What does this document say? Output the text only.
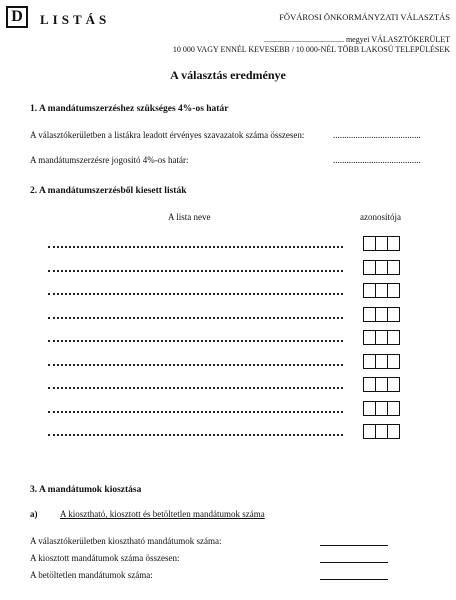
D LISTÁS	FŐVÁROSI ÖNKORMÁNYZATI VÁLASZTÁS
........................................ megyei VÁLASZTÓKERÜLET
10 000 VAGY ENNÉL KEVESEBB / 10 000-NÉL TÖBB LAKOSÚ TELEPÜLÉSEK
A választás eredménye
1. A mandátumszerzéshez szükséges 4%-os határ
A választókerületben a listákra leadott érvényes szavazatok száma összesen:	.......................................
A mandátumszerzésre jogosító 4%-os határ:	.......................................
2. A mandátumszerzésből kiesett listák
A lista neve	azonosítója
3. A mandátumok kiosztása
a)	A kiosztható, kiosztott és betöltetlen mandátumok száma
A választókerületben kiosztható mandátumok száma:
A kiosztott mandátumok száma összesen:
A betöltetlen mandátumok száma:
